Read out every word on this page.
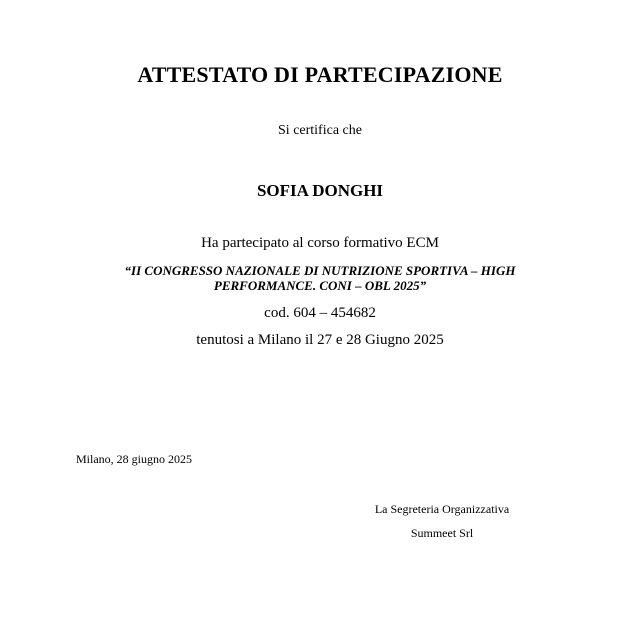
ATTESTATO DI PARTECIPAZIONE
Si certifica che
SOFIA DONGHI
Ha partecipato al corso formativo ECM
“II CONGRESSO NAZIONALE DI NUTRIZIONE SPORTIVA – HIGH PERFORMANCE. CONI – OBL 2025”
cod. 604 – 454682
tenutosi a Milano il 27 e 28 Giugno 2025
Milano, 28 giugno 2025
La Segreteria Organizzativa
Summeet Srl
